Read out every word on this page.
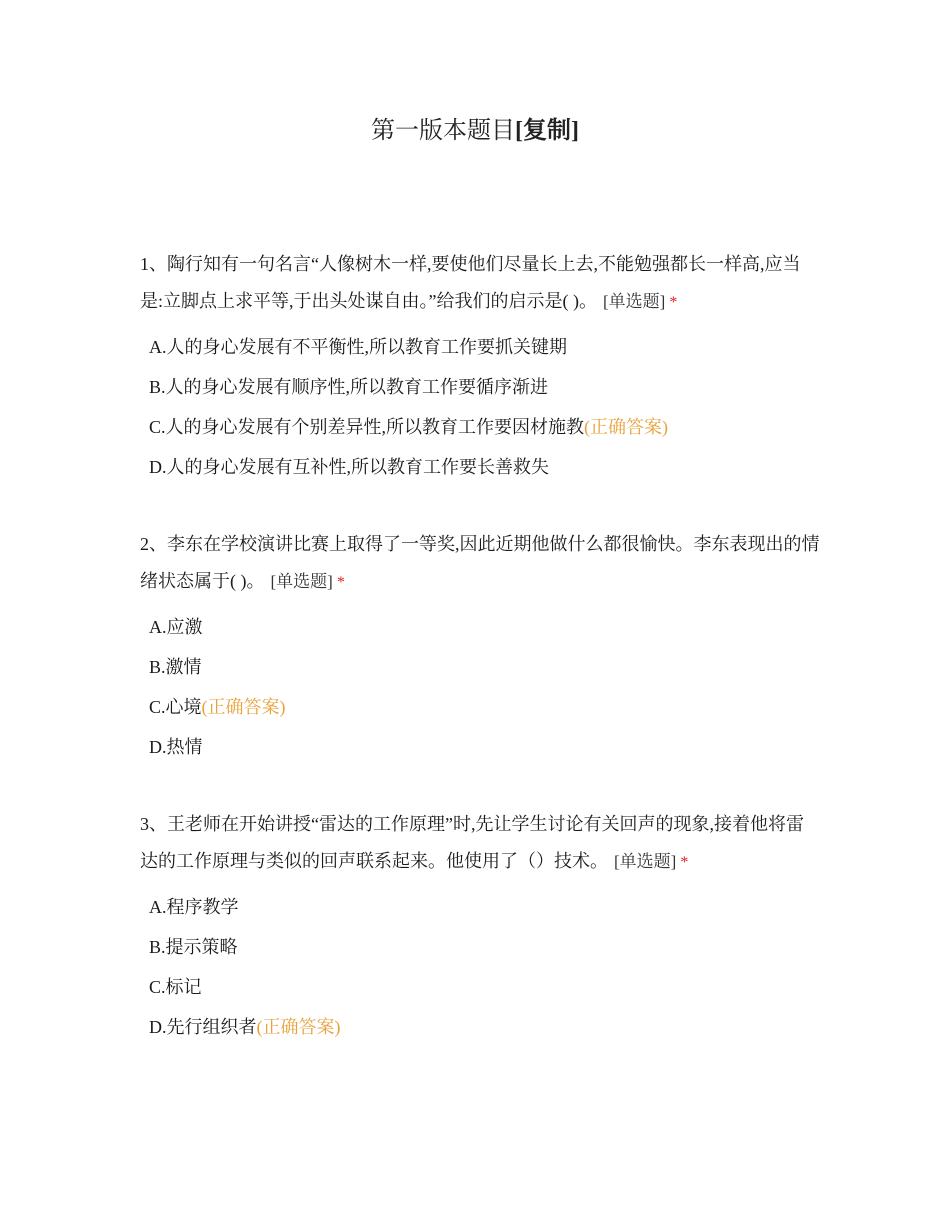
第一版本题目[复制]
1、陶行知有一句名言“人像树木一样,要使他们尽量长上去,不能勉强都长一样高,应当是:立脚点上求平等,于出头处谋自由。”给我们的启示是( )。 [单选题] *
A.人的身心发展有不平衡性,所以教育工作要抓关键期
B.人的身心发展有顺序性,所以教育工作要循序渐进
C.人的身心发展有个别差异性,所以教育工作要因材施教(正确答案)
D.人的身心发展有互补性,所以教育工作要长善救失
2、李东在学校演讲比赛上取得了一等奖,因此近期他做什么都很愉快。李东表现出的情绪状态属于( )。 [单选题] *
A.应激
B.激情
C.心境(正确答案)
D.热情
3、王老师在开始讲授“雷达的工作原理”时,先让学生讨论有关回声的现象,接着他将雷达的工作原理与类似的回声联系起来。他使用了（）技术。 [单选题] *
A.程序教学
B.提示策略
C.标记
D.先行组织者(正确答案)
